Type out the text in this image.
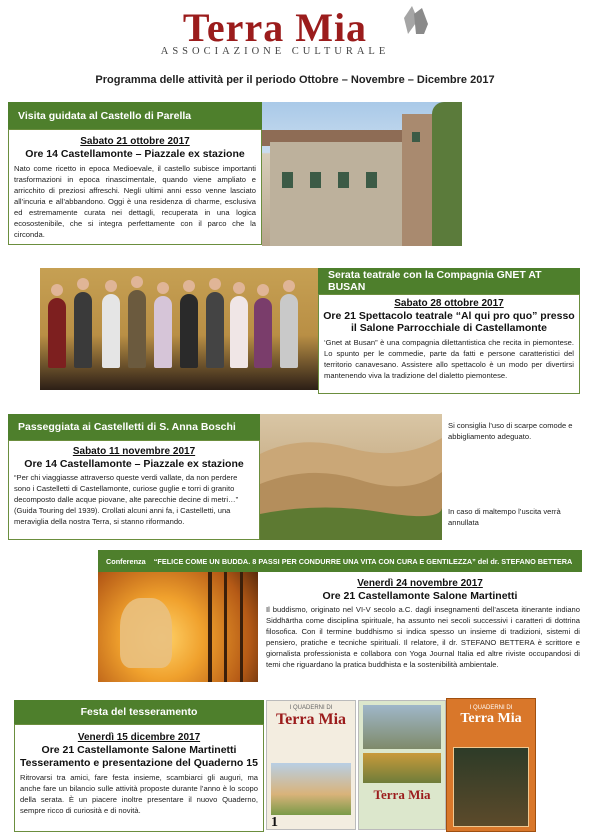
Terra Mia
ASSOCIAZIONE CULTURALE
Programma delle attività per il periodo Ottobre – Novembre – Dicembre 2017
Visita guidata al Castello di Parella
Sabato 21 ottobre 2017
Ore 14 Castellamonte – Piazzale ex stazione
Nato come ricetto in epoca Medioevale, il castello subisce importanti trasformazioni in epoca rinascimentale, quando viene ampliato e arricchito di preziosi affreschi. Negli ultimi anni esso venne lasciato all’incuria e all’abbandono. Oggi è una residenza di charme, esclusiva ed estremamente curata nei dettagli, recuperata in una logica ecosostenibile, che si integra perfettamente con il parco che la circonda.
Serata teatrale con la Compagnia GNET AT BUSAN
Sabato 28 ottobre 2017
Ore 21 Spettacolo teatrale “Al qui pro quo” presso
il Salone Parrocchiale di Castellamonte
‘Gnet at Busan” è una compagnia dilettantistica che recita in piemontese. Lo spunto per le commedie, parte da fatti e persone caratteristici del territorio canavesano. Assistere allo spettacolo è un modo per divertirsi mantenendo viva la tradizione del dialetto piemontese.
Passeggiata ai Castelletti di S. Anna Boschi
Sabato 11 novembre 2017
Ore 14 Castellamonte – Piazzale ex stazione
“Per chi viaggiasse attraverso queste verdi vallate, da non perdere sono i Castelletti di Castellamonte, curiose guglie e torri di granito decomposto dalle acque piovane, alte parecchie decine di metri…” (Guida Touring del 1939). Crollati alcuni anni fa, i Castelletti, una meraviglia della nostra Terra, si stanno riformando.
Si consiglia l’uso di scarpe comode e abbigliamento adeguato.
In caso di maltempo l’uscita verrà annullata
Conferenza “FELICE COME UN BUDDA. 8 PASSI PER CONDURRE UNA VITA CON CURA E GENTILEZZA” del dr. STEFANO BETTERA
Venerdì 24 novembre 2017
Ore 21 Castellamonte Salone Martinetti
Il buddismo, originato nel VI-V secolo a.C. dagli insegnamenti dell’asceta itinerante indiano Siddhārtha come disciplina spirituale, ha assunto nei secoli successivi i caratteri di dottrina filosofica. Con il termine buddhismo si indica spesso un insieme di tradizioni, sistemi di pensiero, pratiche e tecniche spirituali. Il relatore, il dr. STEFANO BETTERA è scrittore e giornalista professionista e collabora con Yoga Journal Italia ed altre riviste occupandosi di temi che riguardano la pratica buddhista e la sostenibilità ambientale.
Festa del tesseramento
Venerdì 15 dicembre 2017
Ore 21 Castellamonte Salone Martinetti
Tesseramento e presentazione del Quaderno 15
Ritrovarsi tra amici, fare festa insieme, scambiarci gli auguri, ma anche fare un bilancio sulle attività proposte durante l’anno è lo scopo della serata. È un piacere inoltre presentare il nuovo Quaderno, sempre ricco di curiosità e di novità.
I QUADERNI DI
Terra Mia
1
Terra Mia
I QUADERNI DI
Terra Mia
